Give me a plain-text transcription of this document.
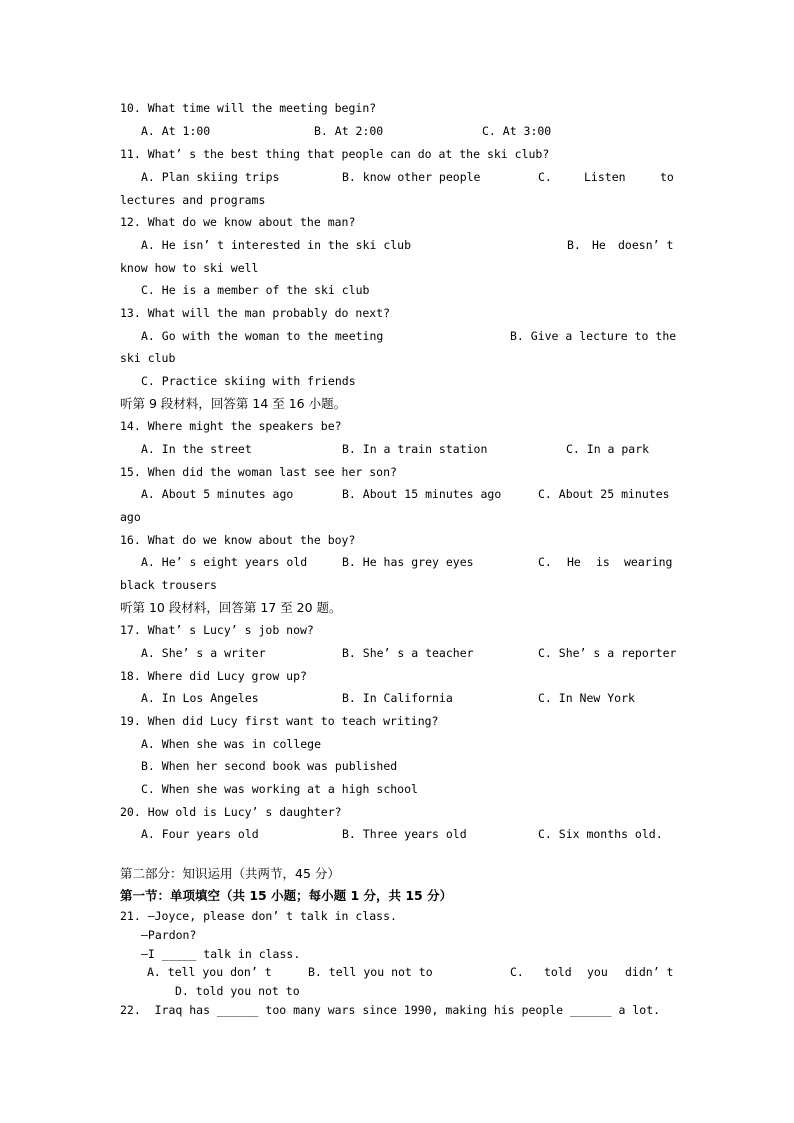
10. What time will the meeting begin?
A. At 1:00	B. At 2:00	C. At 3:00
11. What’ s the best thing that people can do at the ski club?
A. Plan skiing trips	B. know other people	C.	Listen	to
lectures and programs
12. What do we know about the man?
A. He isn’ t interested in the ski club	B. He doesn’ t
know how to ski well
C. He is a member of the ski club
13. What will the man probably do next?
A. Go with the woman to the meeting	B. Give a lecture to the
ski club
C. Practice skiing with friends
听第 9 段材料，回答第 14 至 16 小题。
14. Where might the speakers be?
A. In the street	B. In a train station	C. In a park
15. When did the woman last see her son?
A. About 5 minutes ago	B. About 15 minutes ago	C. About 25 minutes
ago
16. What do we know about the boy?
A. He’ s eight years old	B. He has grey eyes	C. He is wearing
black trousers
听第 10 段材料，回答第 17 至 20 题。
17. What’ s Lucy’ s job now?
A. She’ s a writer	B. She’ s a teacher	C. She’ s a reporter
18. Where did Lucy grow up?
A. In Los Angeles	B. In California	C. In New York
19. When did Lucy first want to teach writing?
A. When she was in college
B. When her second book was published
C. When she was working at a high school
20. How old is Lucy’ s daughter?
A. Four years old	B. Three years old	C. Six months old.
第二部分：知识运用（共两节，45 分）
第一节：单项填空（共 15 小题；每小题 1 分，共 15 分）
21. —Joyce, please don’ t talk in class.
—Pardon?
—I _____ talk in class.
A. tell you don’ t	B. tell you not to	C. told you didn’ t
D. told you not to
22.  Iraq has ______ too many wars since 1990, making his people ______ a lot.
